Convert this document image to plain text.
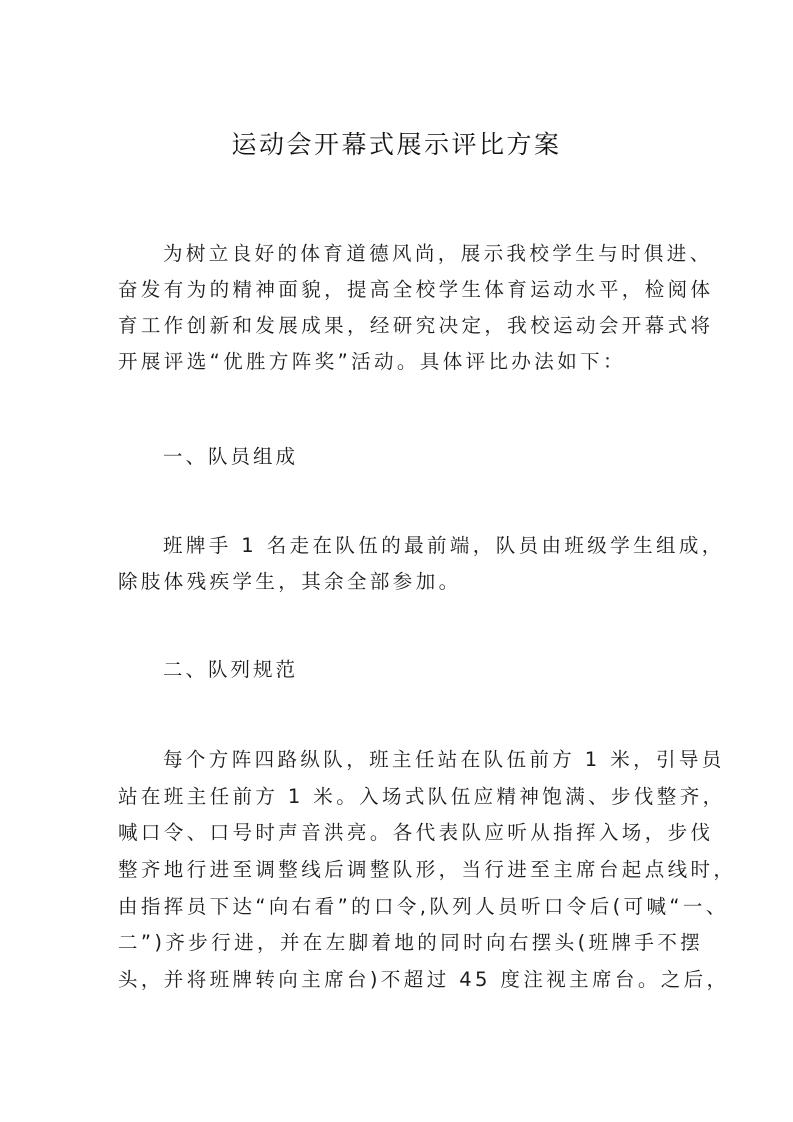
运动会开幕式展示评比方案
为树立良好的体育道德风尚，展示我校学生与时俱进、
奋发有为的精神面貌，提高全校学生体育运动水平，检阅体
育工作创新和发展成果，经研究决定，我校运动会开幕式将
开展评选“优胜方阵奖”活动。具体评比办法如下：
一、队员组成
班牌手 1 名走在队伍的最前端，队员由班级学生组成，
除肢体残疾学生，其余全部参加。
二、队列规范
每个方阵四路纵队，班主任站在队伍前方 1 米，引导员
站在班主任前方 1 米。入场式队伍应精神饱满、步伐整齐，
喊口令、口号时声音洪亮。各代表队应听从指挥入场，步伐
整齐地行进至调整线后调整队形，当行进至主席台起点线时，
由指挥员下达“向右看”的口令,队列人员听口令后(可喊“一、
二”)齐步行进，并在左脚着地的同时向右摆头(班牌手不摆
头，并将班牌转向主席台)不超过 45 度注视主席台。之后，
